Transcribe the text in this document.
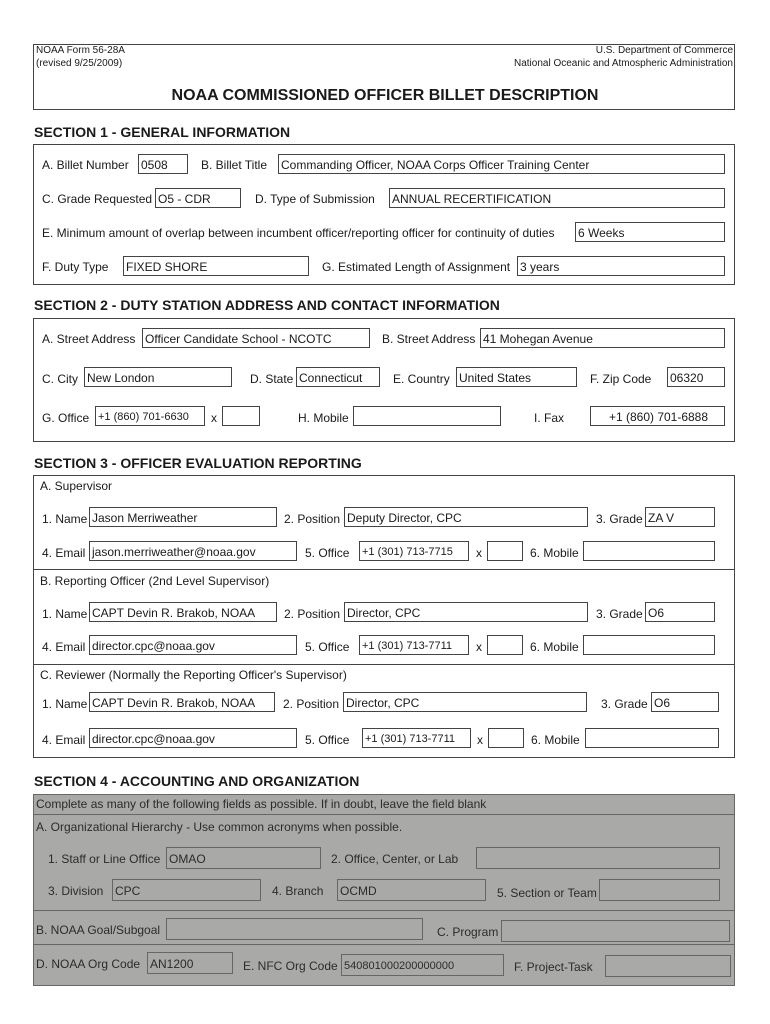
NOAA Form 56-28A
(revised 9/25/2009)
U.S. Department of Commerce
National Oceanic and Atmospheric Administration
NOAA COMMISSIONED OFFICER BILLET DESCRIPTION
SECTION 1 - GENERAL INFORMATION
A. Billet Number 0508	B. Billet Title Commanding Officer, NOAA Corps Officer Training Center
C. Grade Requested O5 - CDR	D. Type of Submission ANNUAL RECERTIFICATION
E. Minimum amount of overlap between incumbent officer/reporting officer for continuity of duties 6 Weeks
F. Duty Type FIXED SHORE	G. Estimated Length of Assignment 3 years
SECTION 2 - DUTY STATION ADDRESS AND CONTACT INFORMATION
A. Street Address Officer Candidate School - NCOTC	B. Street Address 41 Mohegan Avenue
C. City New London	D. State Connecticut	E. Country United States	F. Zip Code 06320
G. Office +1 (860) 701-6630	x	H. Mobile	I. Fax	+1 (860) 701-6888
SECTION 3 - OFFICER EVALUATION REPORTING
A. Supervisor
1. Name Jason Merriweather	2. Position Deputy Director, CPC	3. Grade ZA V
4. Email jason.merriweather@noaa.gov	5. Office +1 (301) 713-7715	x	6. Mobile
B. Reporting Officer (2nd Level Supervisor)
1. Name CAPT Devin R. Brakob, NOAA	2. Position Director, CPC	3. Grade O6
4. Email director.cpc@noaa.gov	5. Office +1 (301) 713-7711	x	6. Mobile
C. Reviewer (Normally the Reporting Officer's Supervisor)
1. Name CAPT Devin R. Brakob, NOAA	2. Position Director, CPC	3. Grade O6
4. Email director.cpc@noaa.gov	5. Office +1 (301) 713-7711	x	6. Mobile
SECTION 4 - ACCOUNTING AND ORGANIZATION
Complete as many of the following fields as possible. If in doubt, leave the field blank
A. Organizational Hierarchy - Use common acronyms when possible.
1. Staff or Line Office OMAO	2. Office, Center, or Lab
3. Division CPC	4. Branch OCMD	5. Section or Team
B. NOAA Goal/Subgoal	C. Program
D. NOAA Org Code AN1200	E. NFC Org Code 540801000200000000	F. Project-Task
